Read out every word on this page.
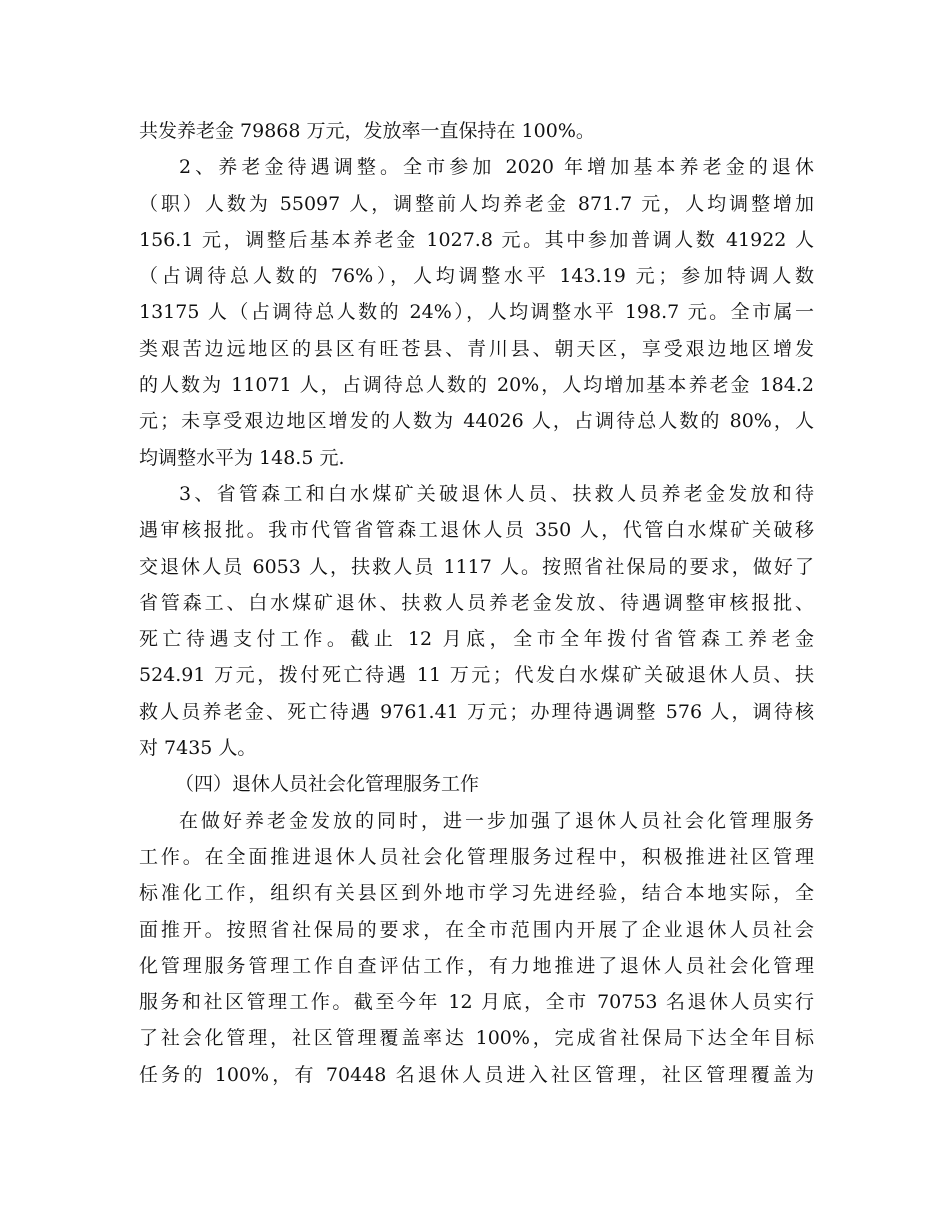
共发养老金 79868 万元，发放率一直保持在 100%。
2、养老金待遇调整。全市参加 2020 年增加基本养老金的退休
（职）人数为 55097 人，调整前人均养老金 871.7 元，人均调整增加
156.1 元，调整后基本养老金 1027.8 元。其中参加普调人数 41922 人
（占调待总人数的 76%），人均调整水平 143.19 元；参加特调人数
13175 人（占调待总人数的 24%），人均调整水平 198.7 元。全市属一
类艰苦边远地区的县区有旺苍县、青川县、朝天区，享受艰边地区增发
的人数为 11071 人，占调待总人数的 20%，人均增加基本养老金 184.2
元；未享受艰边地区增发的人数为 44026 人，占调待总人数的 80%，人
均调整水平为 148.5 元.
3、省管森工和白水煤矿关破退休人员、扶救人员养老金发放和待
遇审核报批。我市代管省管森工退休人员 350 人，代管白水煤矿关破移
交退休人员 6053 人，扶救人员 1117 人。按照省社保局的要求，做好了
省管森工、白水煤矿退休、扶救人员养老金发放、待遇调整审核报批、
死亡待遇支付工作。截止 12 月底，全市全年拨付省管森工养老金
524.91 万元，拨付死亡待遇 11 万元；代发白水煤矿关破退休人员、扶
救人员养老金、死亡待遇 9761.41 万元；办理待遇调整 576 人，调待核
对 7435 人。
（四）退休人员社会化管理服务工作
在做好养老金发放的同时，进一步加强了退休人员社会化管理服务
工作。在全面推进退休人员社会化管理服务过程中，积极推进社区管理
标准化工作，组织有关县区到外地市学习先进经验，结合本地实际，全
面推开。按照省社保局的要求，在全市范围内开展了企业退休人员社会
化管理服务管理工作自查评估工作，有力地推进了退休人员社会化管理
服务和社区管理工作。截至今年 12 月底，全市 70753 名退休人员实行
了社会化管理，社区管理覆盖率达 100%，完成省社保局下达全年目标
任务的 100%，有 70448 名退休人员进入社区管理，社区管理覆盖为
